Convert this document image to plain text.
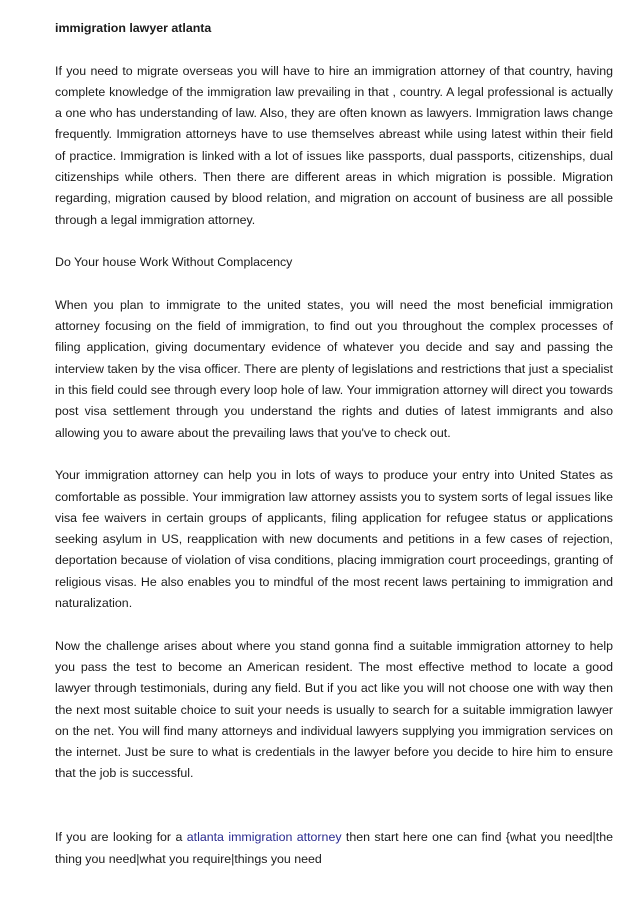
immigration lawyer atlanta

If you need to migrate overseas you will have to hire an immigration attorney of that country, having complete knowledge of the immigration law prevailing in that , country. A legal professional is actually a one who has understanding of law. Also, they are often known as lawyers. Immigration laws change frequently. Immigration attorneys have to use themselves abreast while using latest within their field of practice. Immigration is linked with a lot of issues like passports, dual passports, citizenships, dual citizenships while others. Then there are different areas in which migration is possible. Migration regarding, migration caused by blood relation, and migration on account of business are all possible through a legal immigration attorney.

Do Your house Work Without Complacency

When you plan to immigrate to the united states, you will need the most beneficial immigration attorney focusing on the field of immigration, to find out you throughout the complex processes of filing application, giving documentary evidence of whatever you decide and say and passing the interview taken by the visa officer. There are plenty of legislations and restrictions that just a specialist in this field could see through every loop hole of law. Your immigration attorney will direct you towards post visa settlement through you understand the rights and duties of latest immigrants and also allowing you to aware about the prevailing laws that you've to check out.

Your immigration attorney can help you in lots of ways to produce your entry into United States as comfortable as possible. Your immigration law attorney assists you to system sorts of legal issues like visa fee waivers in certain groups of applicants, filing application for refugee status or applications seeking asylum in US, reapplication with new documents and petitions in a few cases of rejection, deportation because of violation of visa conditions, placing immigration court proceedings, granting of religious visas. He also enables you to mindful of the most recent laws pertaining to immigration and naturalization.

Now the challenge arises about where you stand gonna find a suitable immigration attorney to help you pass the test to become an American resident. The most effective method to locate a good lawyer through testimonials, during any field. But if you act like you will not choose one with way then the next most suitable choice to suit your needs is usually to search for a suitable immigration lawyer on the net. You will find many attorneys and individual lawyers supplying you immigration services on the internet. Just be sure to what is credentials in the lawyer before you decide to hire him to ensure that the job is successful.

If you are looking for a atlanta immigration attorney then start here one can find {what you need|the thing you need|what you require|things you need
